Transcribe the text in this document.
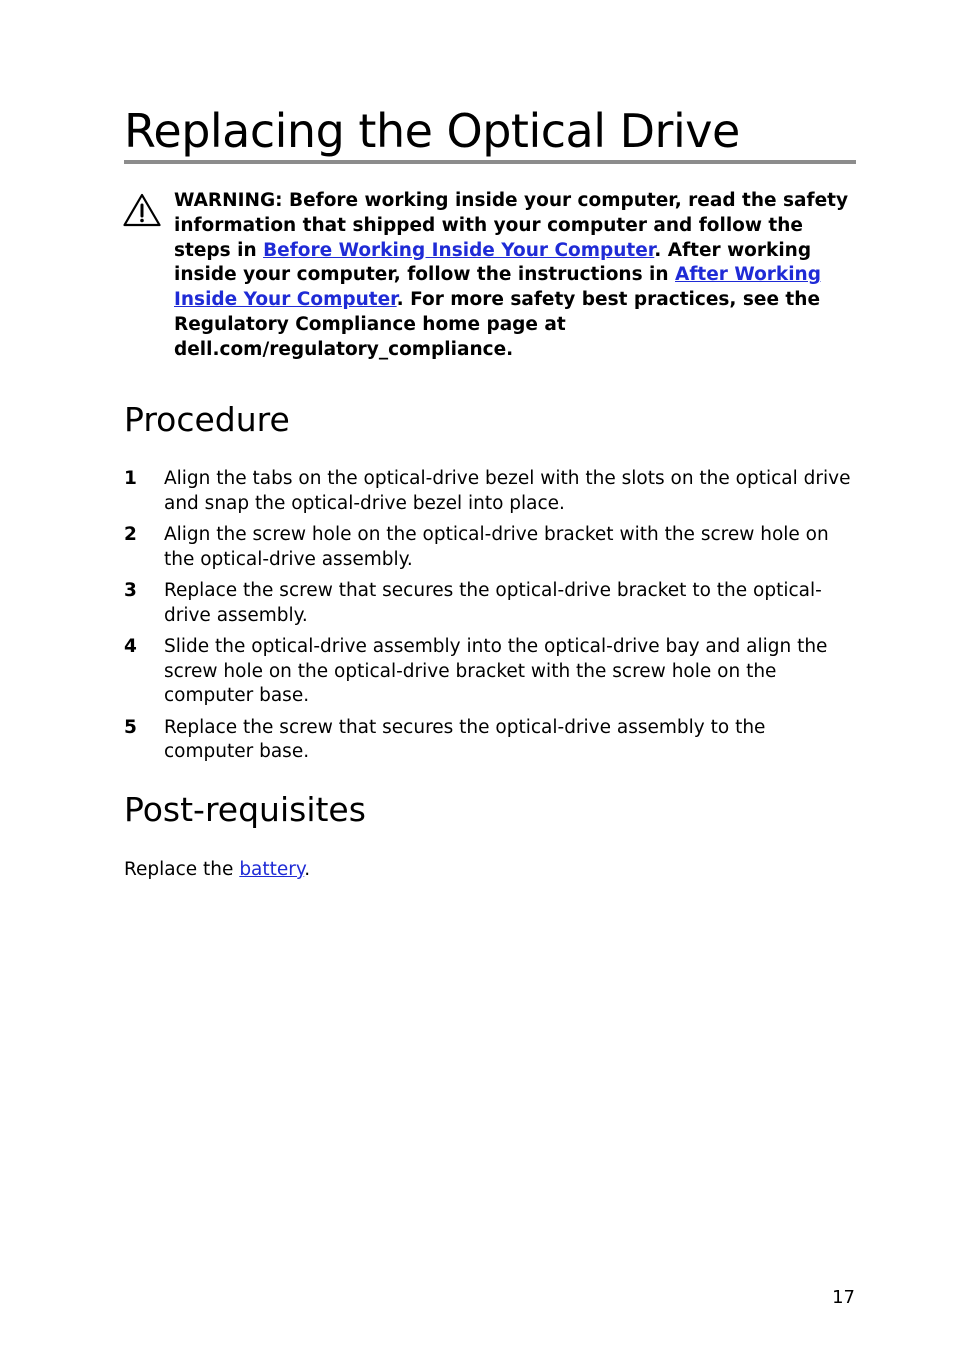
Replacing the Optical Drive

WARNING: Before working inside your computer, read the safety information that shipped with your computer and follow the steps in Before Working Inside Your Computer. After working inside your computer, follow the instructions in After Working Inside Your Computer. For more safety best practices, see the Regulatory Compliance home page at dell.com/regulatory_compliance.

Procedure
1 Align the tabs on the optical-drive bezel with the slots on the optical drive and snap the optical-drive bezel into place.
2 Align the screw hole on the optical-drive bracket with the screw hole on the optical-drive assembly.
3 Replace the screw that secures the optical-drive bracket to the optical-drive assembly.
4 Slide the optical-drive assembly into the optical-drive bay and align the screw hole on the optical-drive bracket with the screw hole on the computer base.
5 Replace the screw that secures the optical-drive assembly to the computer base.
Post-requisites

Replace the battery.

17
